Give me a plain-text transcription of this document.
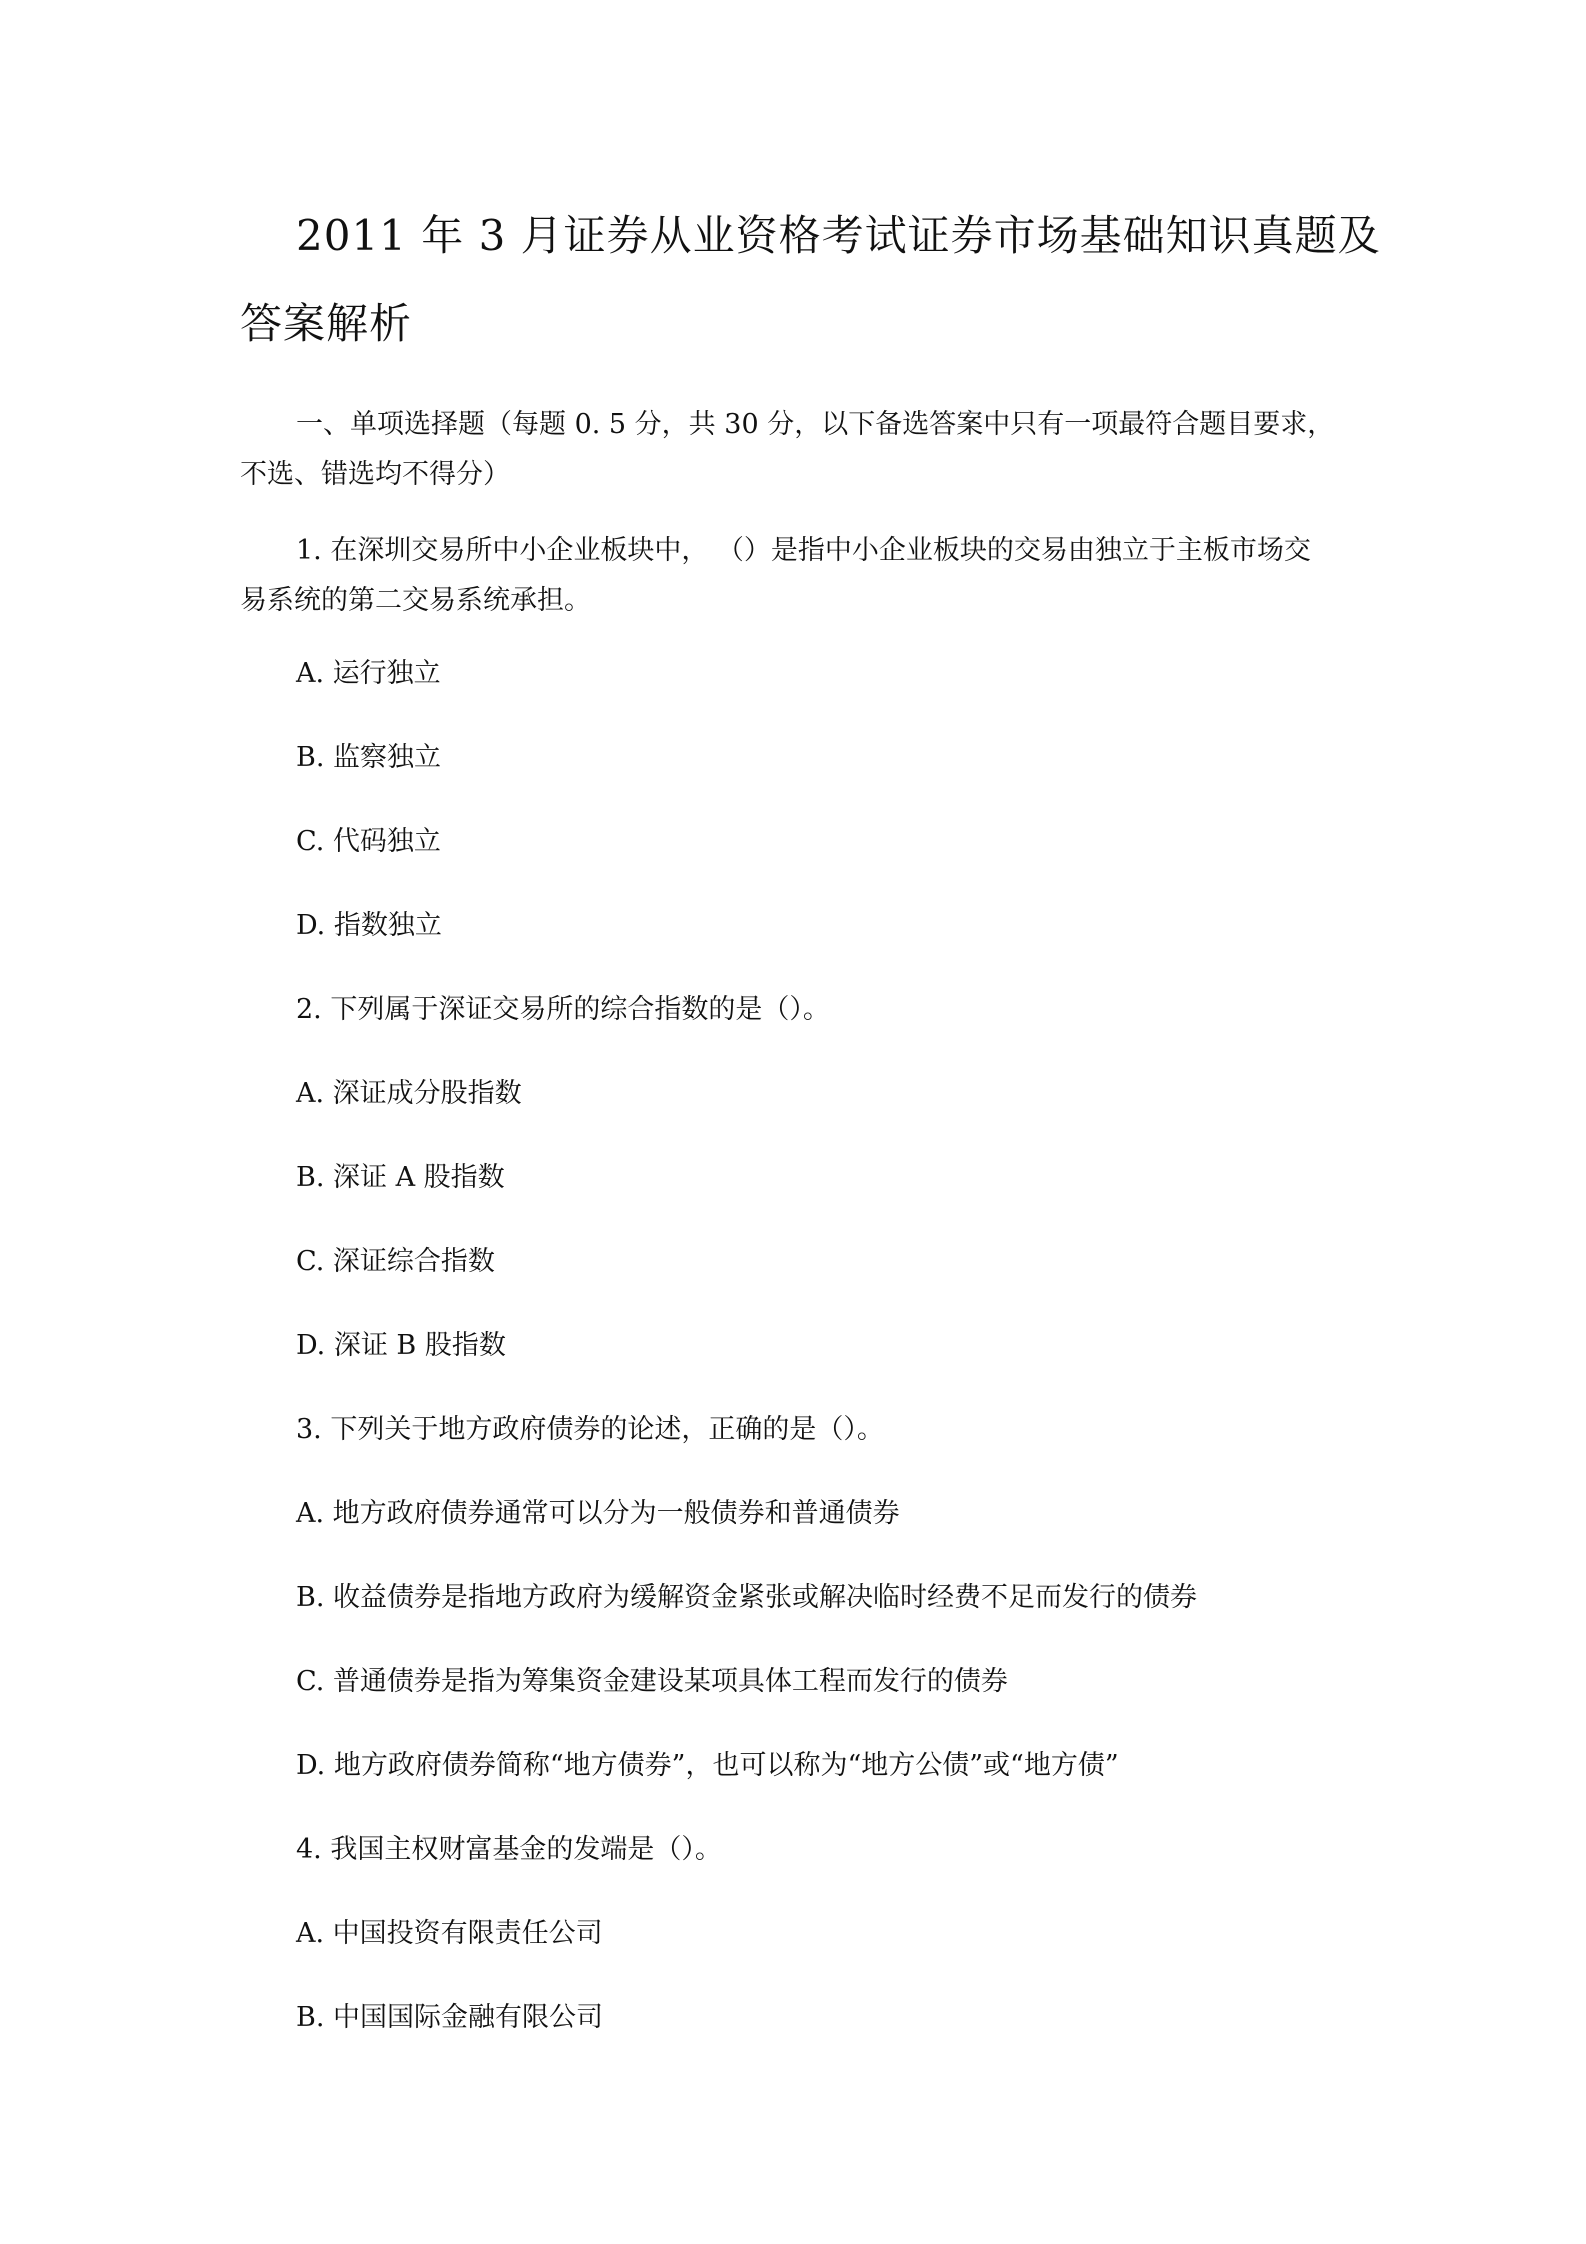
2011 年 3 月证券从业资格考试证券市场基础知识真题及
答案解析
一、单项选择题（每题 0. 5 分，共 30 分，以下备选答案中只有一项最符合题目要求，
不选、错选均不得分）
1. 在深圳交易所中小企业板块中， （）是指中小企业板块的交易由独立于主板市场交
易系统的第二交易系统承担。
A. 运行独立
B. 监察独立
C. 代码独立
D. 指数独立
2. 下列属于深证交易所的综合指数的是（）。
A. 深证成分股指数
B. 深证 A 股指数
C. 深证综合指数
D. 深证 B 股指数
3. 下列关于地方政府债券的论述，正确的是（）。
A. 地方政府债券通常可以分为一般债券和普通债券
B. 收益债券是指地方政府为缓解资金紧张或解决临时经费不足而发行的债券
C. 普通债券是指为筹集资金建设某项具体工程而发行的债券
D. 地方政府债券简称“地方债券”，也可以称为“地方公债”或“地方债”
4. 我国主权财富基金的发端是（）。
A. 中国投资有限责任公司
B. 中国国际金融有限公司
